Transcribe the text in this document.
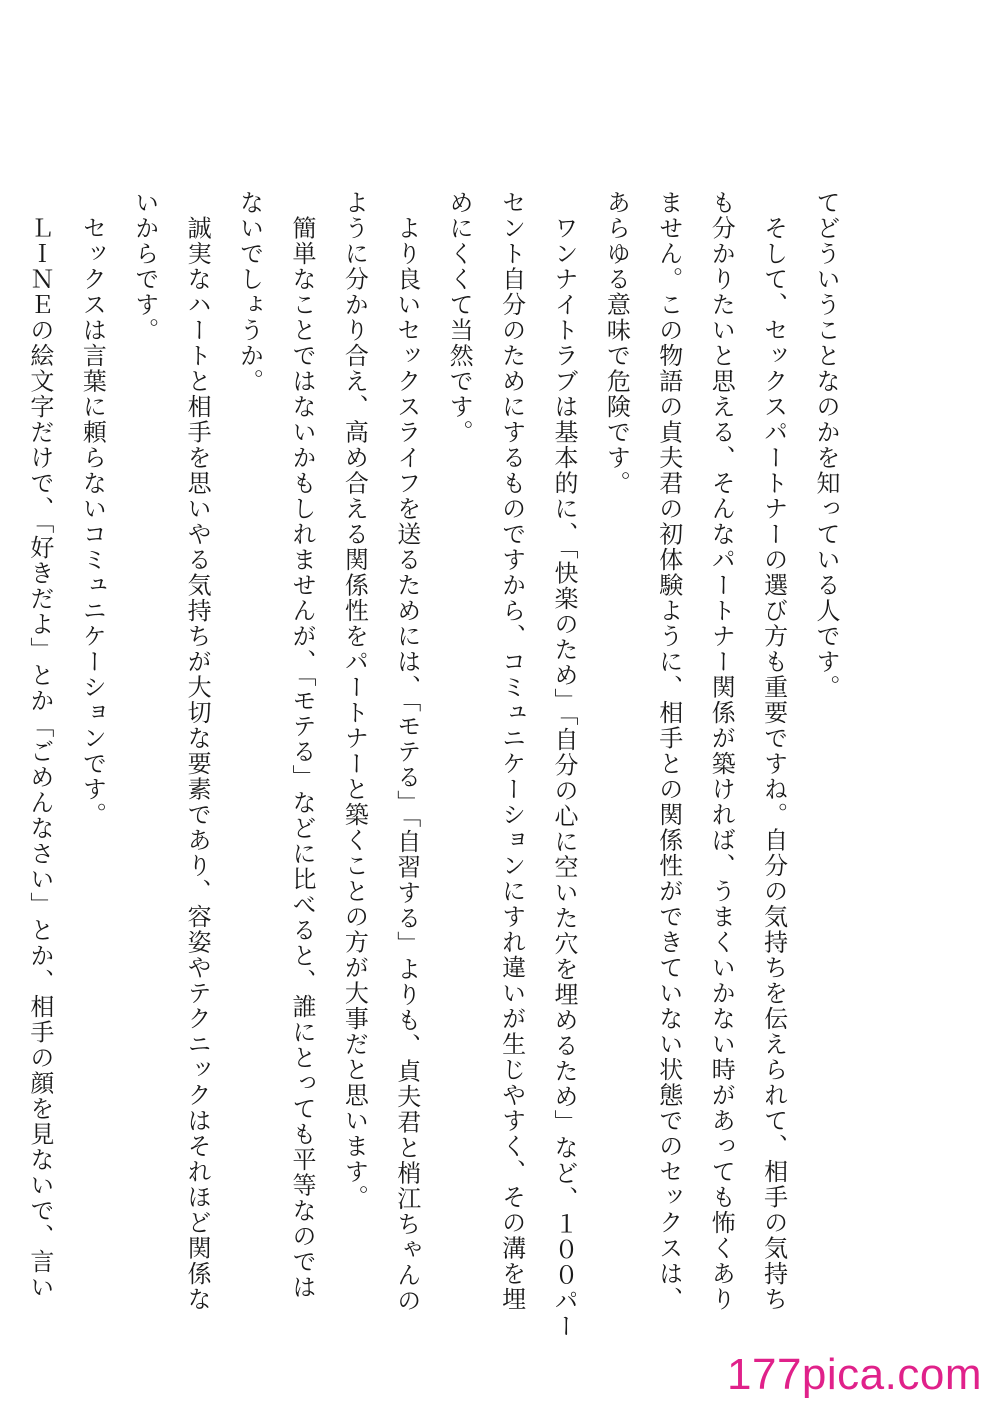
てどういうことなのかを知っている人です。
　そして、セックスパートナーの選び方も重要ですね。自分の気持ちを伝えられて、相手の気持ち
も分かりたいと思える、そんなパートナー関係が築ければ、うまくいかない時があっても怖くあり
ません。この物語の貞夫君の初体験ように、相手との関係性ができていない状態でのセックスは、
あらゆる意味で危険です。
　ワンナイトラブは基本的に、「快楽のため」「自分の心に空いた穴を埋めるため」など、１００パー
セント自分のためにするものですから、コミュニケーションにすれ違いが生じやすく、その溝を埋
めにくくて当然です。
　より良いセックスライフを送るためには、「モテる」「自習する」よりも、貞夫君と梢江ちゃんの
ように分かり合え、高め合える関係性をパートナーと築くことの方が大事だと思います。
　簡単なことではないかもしれませんが、「モテる」などに比べると、誰にとっても平等なのでは
ないでしょうか。
　誠実なハートと相手を思いやる気持ちが大切な要素であり、容姿やテクニックはそれほど関係な
いからです。
　セックスは言葉に頼らないコミュニケーションです。
　ＬＩＮＥの絵文字だけで、「好きだよ」とか「ごめんなさい」とか、相手の顔を見ないで、言い
177pica.com
